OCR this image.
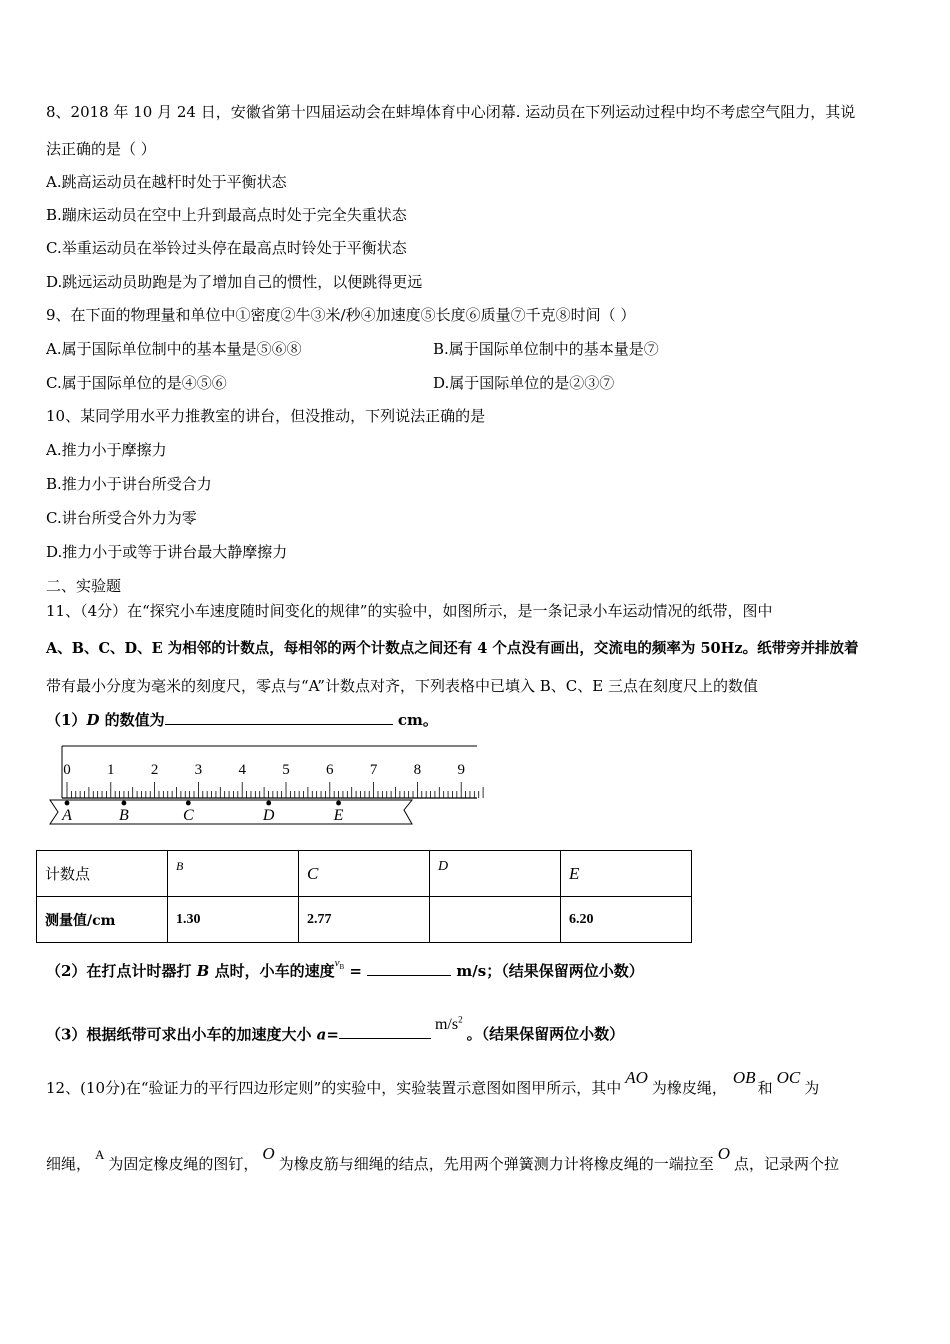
8、2018 年 10 月 24 日，安徽省第十四届运动会在蚌埠体育中心闭幕. 运动员在下列运动过程中均不考虑空气阻力，其说
法正确的是（ ）
A.跳高运动员在越杆时处于平衡状态
B.蹦床运动员在空中上升到最高点时处于完全失重状态
C.举重运动员在举铃过头停在最高点时铃处于平衡状态
D.跳远运动员助跑是为了增加自己的惯性，以便跳得更远
9、在下面的物理量和单位中①密度②牛③米/秒④加速度⑤长度⑥质量⑦千克⑧时间（ ）
A.属于国际单位制中的基本量是⑤⑥⑧	B.属于国际单位制中的基本量是⑦
C.属于国际单位的是④⑤⑥	D.属于国际单位的是②③⑦
10、某同学用水平力推教室的讲台，但没推动，下列说法正确的是
A.推力小于摩擦力
B.推力小于讲台所受合力
C.讲台所受合外力为零
D.推力小于或等于讲台最大静摩擦力
二、实验题
11、（4分）在“探究小车速度随时间变化的规律”的实验中，如图所示，是一条记录小车运动情况的纸带，图中
A、B、C、D、E 为相邻的计数点，每相邻的两个计数点之间还有 4 个点没有画出，交流电的频率为 50Hz。纸带旁并排放着
带有最小分度为毫米的刻度尺，零点与“A”计数点对齐，下列表格中已填入 B、C、E 三点在刻度尺上的数值
（1）D 的数值为	cm。
0 1 2 3 4 5 6 7 8 9
A	B	C	D	E
计数点	B	C	D	E
测量值/cm	1.30	2.77		6.20
（2）在打点计时器打 B 点时，小车的速度$^{v_B}$ =	m/s；（结果保留两位小数）
（3）根据纸带可求出小车的加速度大小 $a=m/s^2$。（结果保留两位小数）
12、(10分)在“验证力的平行四边形定则”的实验中，实验装置示意图如图甲所示，其中AO为橡皮绳，OB和OC为
细绳，A为固定橡皮绳的图钉，O为橡皮筋与细绳的结点，先用两个弹簧测力计将橡皮绳的一端拉至O点，记录两个拉
